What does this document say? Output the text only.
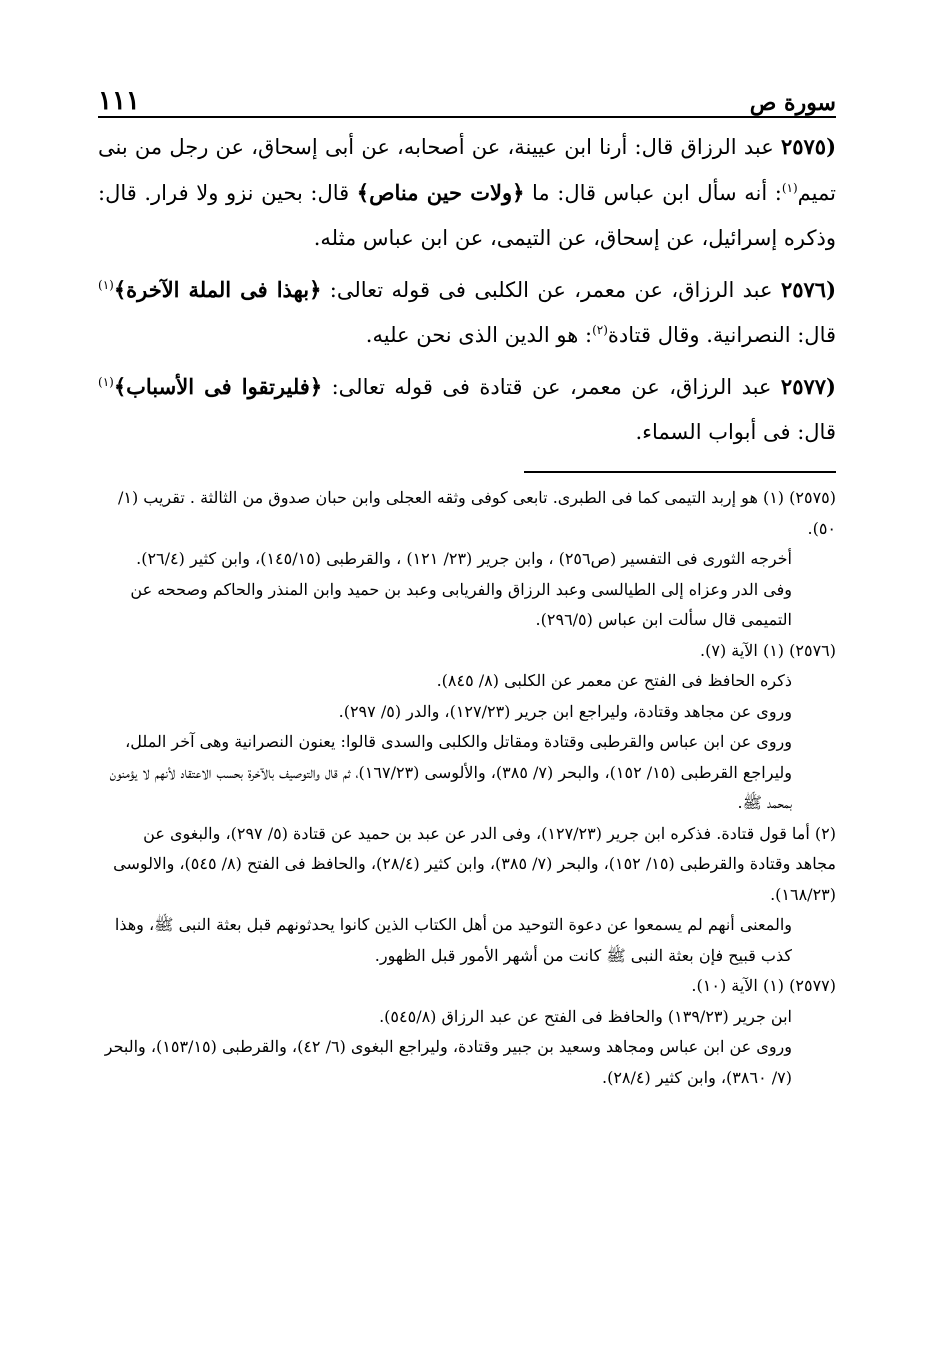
سورة ص
١١١

(٢٥٧٥ عبد الرزاق قال: أرنا ابن عيينة، عن أصحابه، عن أبى إسحاق، عن رجل من بنى تميم$^{(١)}$: أنه سأل ابن عباس قال: ما ﴿ولات حين مناص﴾ قال: بحين نزو ولا فرار. قال: وذكره إسرائيل، عن إسحاق، عن التيمى، عن ابن عباس مثله.

(٢٥٧٦ عبد الرزاق، عن معمر، عن الكلبى فى قوله تعالى: ﴿بهذا فى الملة الآخرة﴾$^{(١)}$ قال: النصرانية. وقال قتادة$^{(٢)}$: هو الدين الذى نحن عليه.

(٢٥٧٧ عبد الرزاق، عن معمر، عن قتادة فى قوله تعالى: ﴿فليرتقوا فى الأسباب﴾$^{(١)}$ قال: فى أبواب السماء.

(٢٥٧٥) (١) هو إربد التيمى كما فى الطبرى. تابعى كوفى وثقه العجلى وابن حبان صدوق من الثالثة . تقريب (١/ ٥٠).

أخرجه الثورى فى التفسير (ص٢٥٦) ، وابن جرير (٢٣/ ١٢١) ، والقرطبى (١٤٥/١٥)، وابن كثير (٢٦/٤).

وفى الدر وعزاه إلى الطيالسى وعبد الرزاق والفريابى وعبد بن حميد وابن المنذر والحاكم وصححه عن التميمى قال سألت ابن عباس (٢٩٦/٥).

(٢٥٧٦) (١) الآية (٧).

ذكره الحافظ فى الفتح عن معمر عن الكلبى (٨/ ٨٤٥).

وروى عن مجاهد وقتادة، وليراجع ابن جرير (١٢٧/٢٣)، والدر (٥/ ٢٩٧).

وروى عن ابن عباس والقرطبى وقتادة ومقاتل والكلبى والسدى قالوا: يعنون النصرانية وهى آخر الملل، وليراجع القرطبى (١٥/ ١٥٢)، والبحر (٧/ ٣٨٥)، والألوسى (١٦٧/٢٣)، ثم قال والتوصيف بالآخرة بحسب الاعتقاد لأنهم لا يؤمنون بمحمد ﷺ.

(٢) أما قول قتادة. فذكره ابن جرير (١٢٧/٢٣)، وفى الدر عن عبد بن حميد عن قتادة (٥/ ٢٩٧)، والبغوى عن مجاهد وقتادة والقرطبى (١٥/ ١٥٢)، والبحر (٧/ ٣٨٥)، وابن كثير (٢٨/٤)، والحافظ فى الفتح (٨/ ٥٤٥)، والالوسى (١٦٨/٢٣).

والمعنى أنهم لم يسمعوا عن دعوة التوحيد من أهل الكتاب الذين كانوا يحدثونهم قبل بعثة النبى ﷺ، وهذا كذب قبيح فإن بعثة النبى ﷺ كانت من أشهر الأمور قبل الظهور.

(٢٥٧٧) (١) الآية (١٠).

ابن جرير (١٣٩/٢٣) والحافظ فى الفتح عن عبد الرزاق (٥٤٥/٨).

وروى عن ابن عباس ومجاهد وسعيد بن جبير وقتادة، وليراجع البغوى (٦/ ٤٢)، والقرطبى (١٥٣/١٥)، والبحر (٧/ ٣٨٦٠)، وابن كثير (٢٨/٤).
